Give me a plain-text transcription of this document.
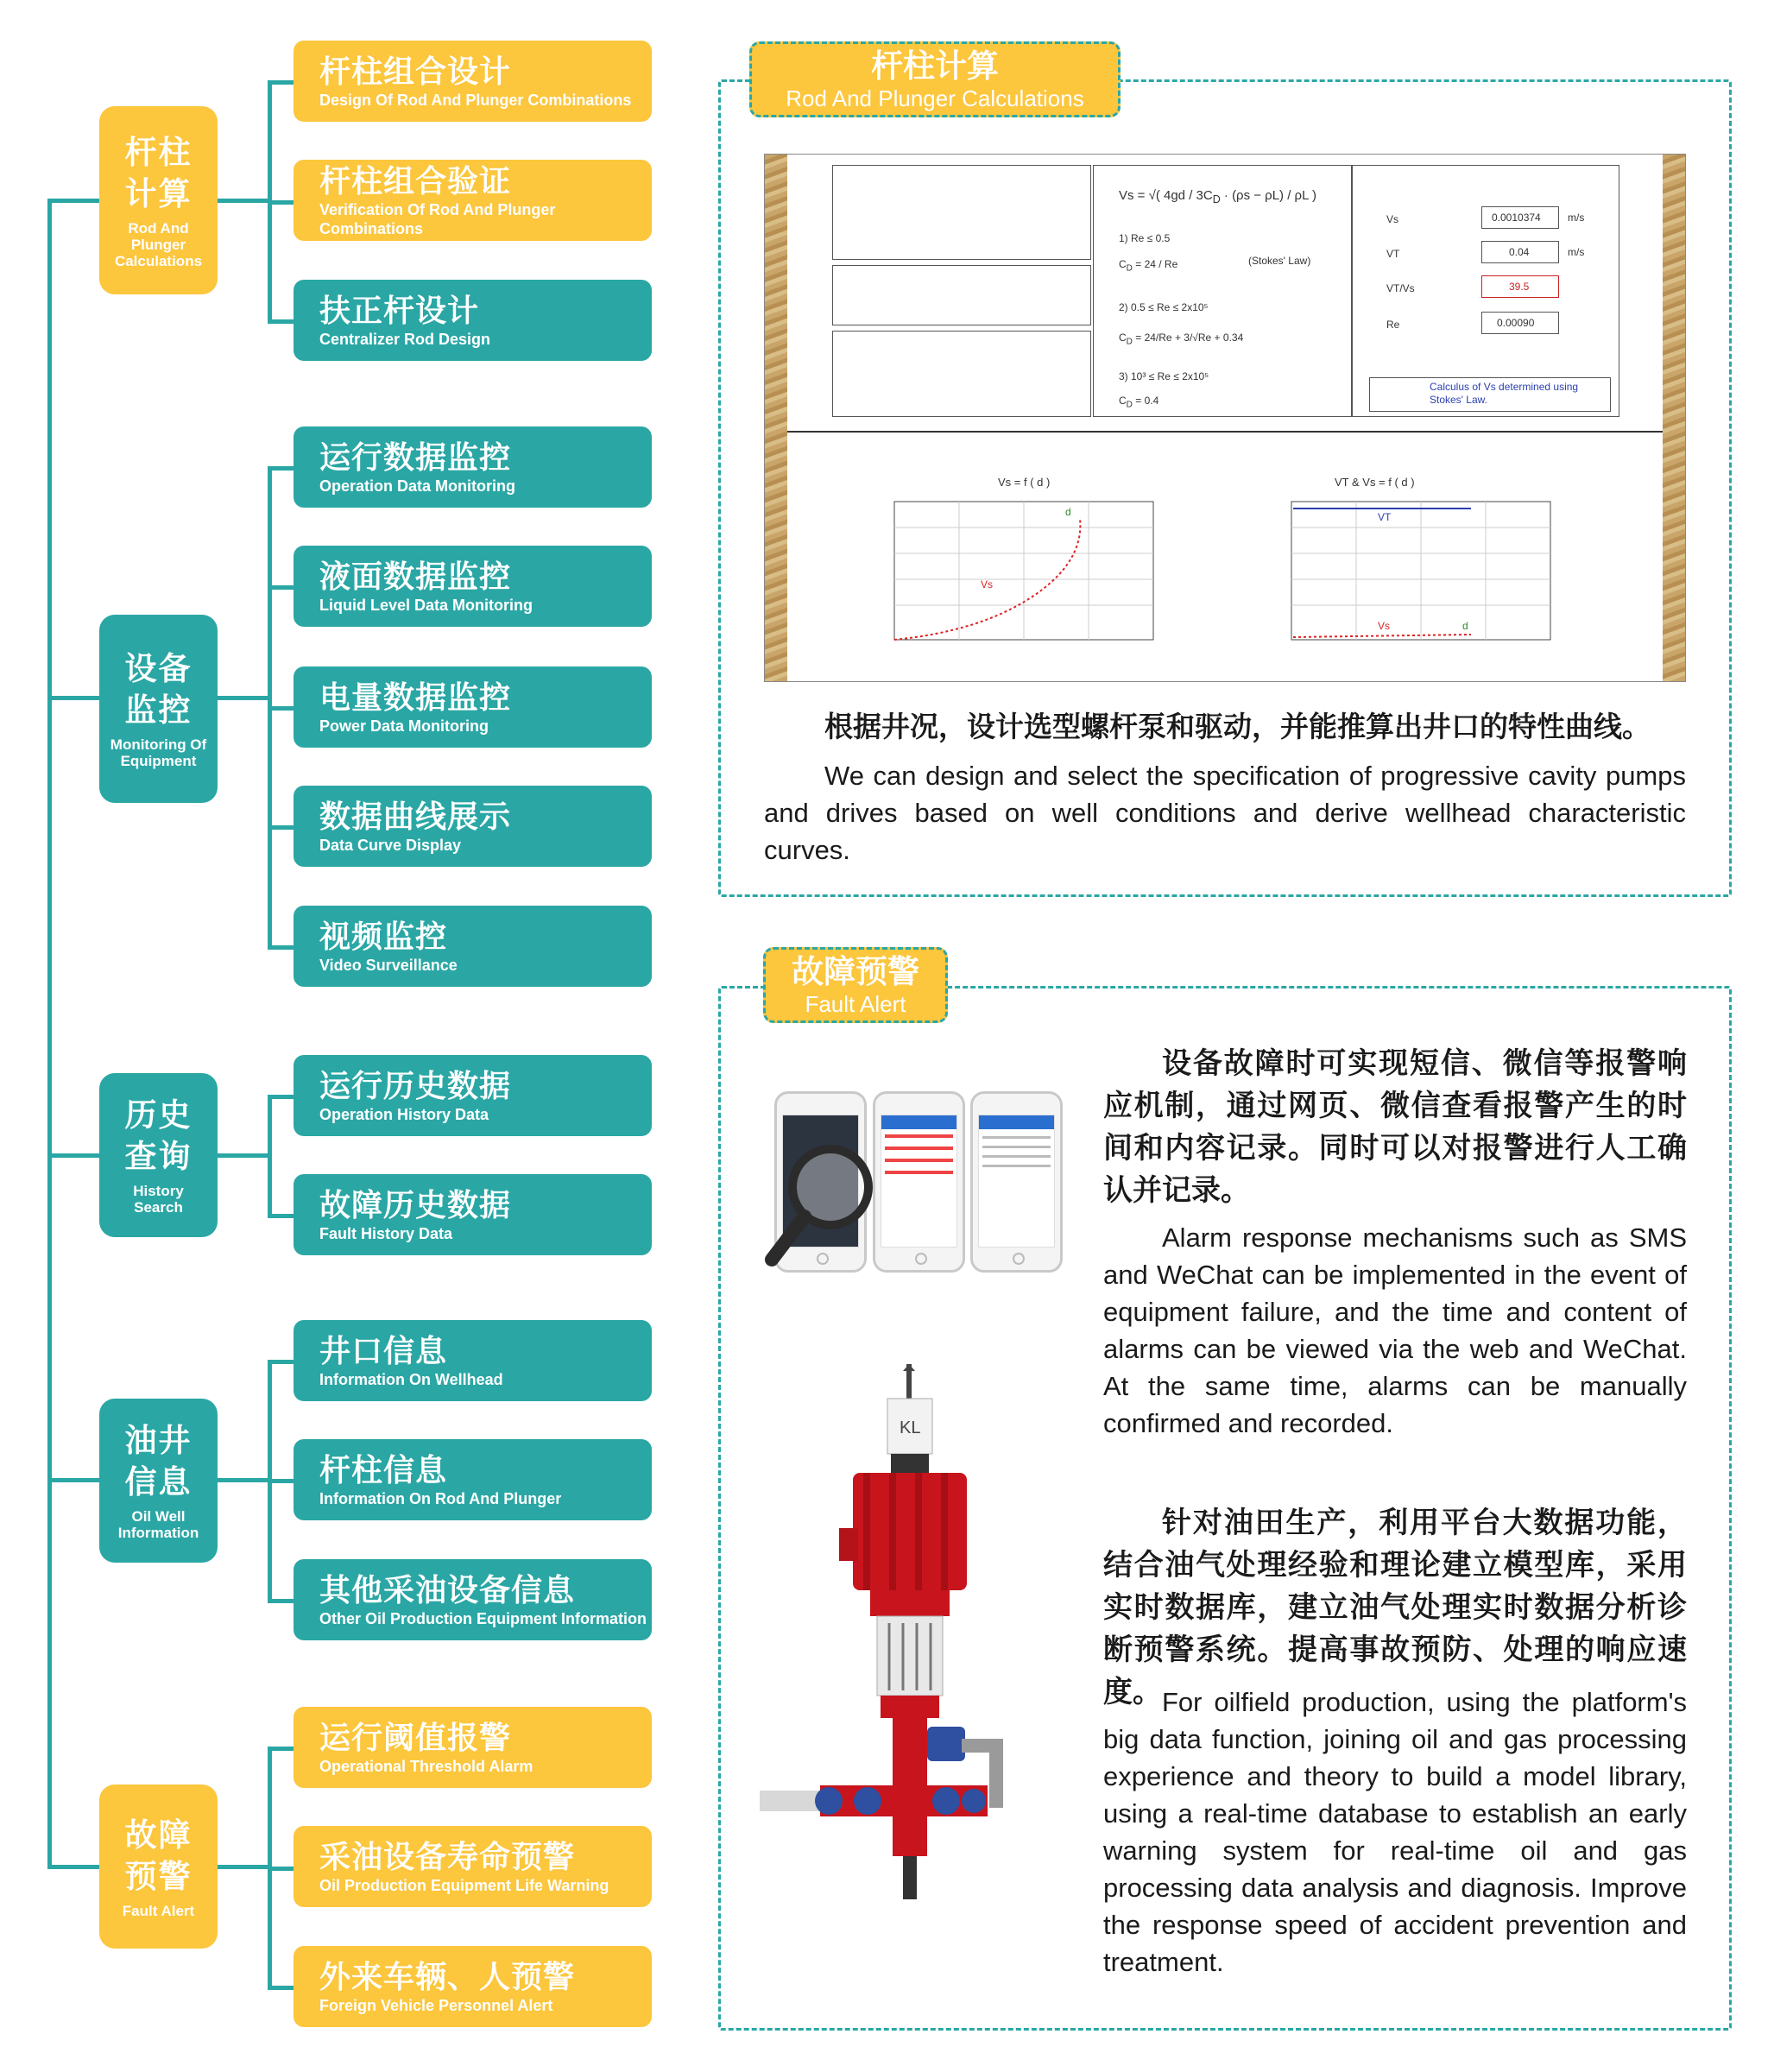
杆柱
计算
Rod And Plunger Calculations
杆柱组合设计
Design Of Rod And Plunger Combinations
杆柱组合验证
Verification Of Rod And Plunger Combinations
扶正杆设计
Centralizer Rod Design
设备
监控
Monitoring Of Equipment
运行数据监控
Operation Data Monitoring
液面数据监控
Liquid Level Data Monitoring
电量数据监控
Power Data Monitoring
数据曲线展示
Data Curve Display
视频监控
Video Surveillance
历史
查询
History Search
运行历史数据
Operation History Data
故障历史数据
Fault History Data
油井
信息
Oil Well Information
井口信息
Information On Wellhead
杆柱信息
Information On Rod And Plunger
其他采油设备信息
Other Oil Production Equipment Information
故障
预警
Fault Alert
运行阈值报警
Operational Threshold Alarm
采油设备寿命预警
Oil Production Equipment Life Warning
外来车辆、人预警
Foreign Vehicle Personnel Alert
杆柱计算
Rod And Plunger Calculations
Vs = √( $4gd / 3C_D \cdot (\rho s - \rho L) / \rho L$ )
1) Re ≤ 0.5
$C_D = 24 / Re$	(Stokes' Law)
2) 0.5 ≤ Re ≤ 2x10⁵
$C_D = 24/Re + 3/√Re + 0.34$
3) 10³ ≤ Re ≤ 2x10⁵
$C_D = 0.4$
Vs	0.0010374	m/s
VT	0.04	m/s
VT/Vs	39.5
Re	0.00090
Calculus of Vs determined using Stokes' Law.
Vs = f ( d )
Vs
d
VT & Vs = f ( d )
VT
Vs	d
根据井况，设计选型螺杆泵和驱动，并能推算出井口的特性曲线。
We can design and select the specification of progressive cavity pumps and drives based on well conditions and derive wellhead characteristic curves.
故障预警
Fault Alert
KL
设备故障时可实现短信、微信等报警响应机制，通过网页、微信查看报警产生的时间和内容记录。同时可以对报警进行人工确认并记录。
Alarm response mechanisms such as SMS and WeChat can be implemented in the event of equipment failure, and the time and content of alarms can be viewed via the web and WeChat. At the same time, alarms can be manually confirmed and recorded.
针对油田生产，利用平台大数据功能，结合油气处理经验和理论建立模型库，采用实时数据库，建立油气处理实时数据分析诊断预警系统。提高事故预防、处理的响应速度。 For oilfield production, using the platform's big data function, joining oil and gas processing experience and theory to build a model library, using a real-time database to establish an early warning system for real-time oil and gas processing data analysis and diagnosis. Improve the response speed of accident prevention and treatment.
